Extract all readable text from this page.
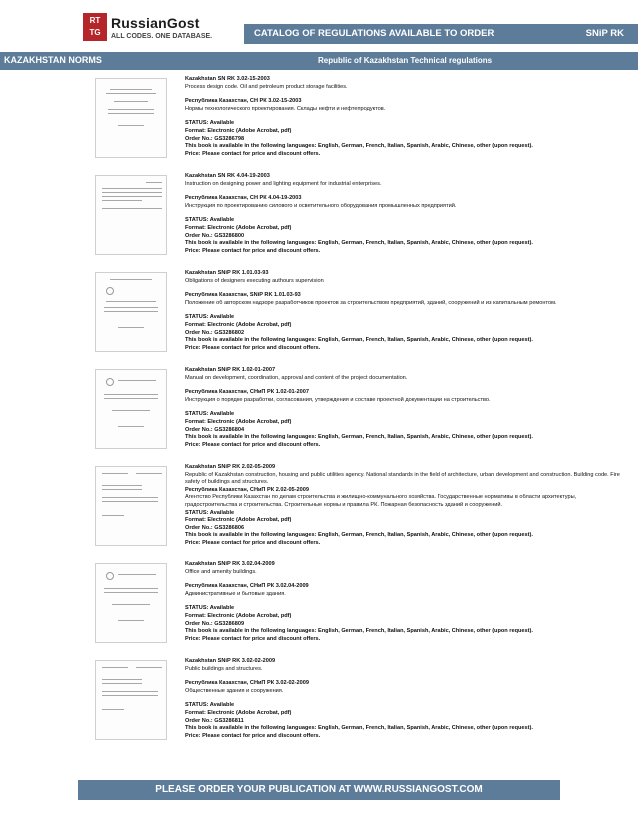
RT
TG
RussianGost
ALL CODES. ONE DATABASE.	CATALOG OF REGULATIONS AVAILABLE TO ORDER	SNiP RK
KAZAKHSTAN NORMS	Republic of Kazakhstan Technical regulations
Kazakhstan SN RK 3.02-15-2003
Process design code. Oil and petroleum product storage facilities.
Республика Казахстан, СН РК 3.02-15-2003
Нормы технологического проектирования. Склады нефти и нефтепродуктов.
STATUS: Available
Format: Electronic (Adobe Acrobat, pdf)
Order No.: GS3286798
This book is available in the following languages: English, German, French, Italian, Spanish, Arabic, Chinese, other (upon request).
Price: Please contact for price and discount offers.
Kazakhstan SN RK 4.04-19-2003
Instruction on designing power and lighting equipment for industrial enterprises.
Республика Казахстан, СН РК 4.04-19-2003
Инструкция по проектированию силового и осветительного оборудования промышленных предприятий.
STATUS: Available
Format: Electronic (Adobe Acrobat, pdf)
Order No.: GS3286800
This book is available in the following languages: English, German, French, Italian, Spanish, Arabic, Chinese, other (upon request).
Price: Please contact for price and discount offers.
Kazakhstan SNiP RK 1.01.03-93
Obligations of designers executing authours supervision
Республика Казахстан, SNiP RK 1.01.03-93
Положение об авторском надзоре разработчиков проектов за строительством предприятий, зданий, сооружений и из капитальным ремонтом.
STATUS: Available
Format: Electronic (Adobe Acrobat, pdf)
Order No.: GS3286802
This book is available in the following languages: English, German, French, Italian, Spanish, Arabic, Chinese, other (upon request).
Price: Please contact for price and discount offers.
Kazakhstan SNiP RK 1.02-01-2007
Manual on development, coordination, approval and content of the project documentation.
Республика Казахстан, СНиП РК 1.02-01-2007
Инструкция о порядке разработки, согласования, утверждения и составе проектной документации на строительство.
STATUS: Available
Format: Electronic (Adobe Acrobat, pdf)
Order No.: GS3286804
This book is available in the following languages: English, German, French, Italian, Spanish, Arabic, Chinese, other (upon request).
Price: Please contact for price and discount offers.
Kazakhstan SNiP RK 2.02-05-2009
Republic of Kazakhstan construction, housing and public utilities agency. National standards in the field of architecture, urban development and construction. Building code. Fire safety of buildings and structures.
Республика Казахстан, СНиП РК 2.02-05-2009
Агентство Республики Казахстан по делам строительства и жилищно-коммунального хозяйства. Государственные нормативы в области архитектуры, градостроительства и строительства. Строительные нормы и правила РК. Пожарная безопасность зданий и сооружений.
STATUS: Available
Format: Electronic (Adobe Acrobat, pdf)
Order No.: GS3286806
This book is available in the following languages: English, German, French, Italian, Spanish, Arabic, Chinese, other (upon request).
Price: Please contact for price and discount offers.
Kazakhstan SNiP RK 3.02.04-2009
Office and amenity buildings.
Республика Казахстан, СНиП РК 3.02.04-2009
Административные и бытовые здания.
STATUS: Available
Format: Electronic (Adobe Acrobat, pdf)
Order No.: GS3286809
This book is available in the following languages: English, German, French, Italian, Spanish, Arabic, Chinese, other (upon request).
Price: Please contact for price and discount offers.
Kazakhstan SNiP RK 3.02-02-2009
Public buildings and structures.
Республика Казахстан, СНиП РК 3.02-02-2009
Общественные здания и сооружения.
STATUS: Available
Format: Electronic (Adobe Acrobat, pdf)
Order No.: GS3286811
This book is available in the following languages: English, German, French, Italian, Spanish, Arabic, Chinese, other (upon request).
Price: Please contact for price and discount offers.
PLEASE ORDER YOUR PUBLICATION AT WWW.RUSSIANGOST.COM
